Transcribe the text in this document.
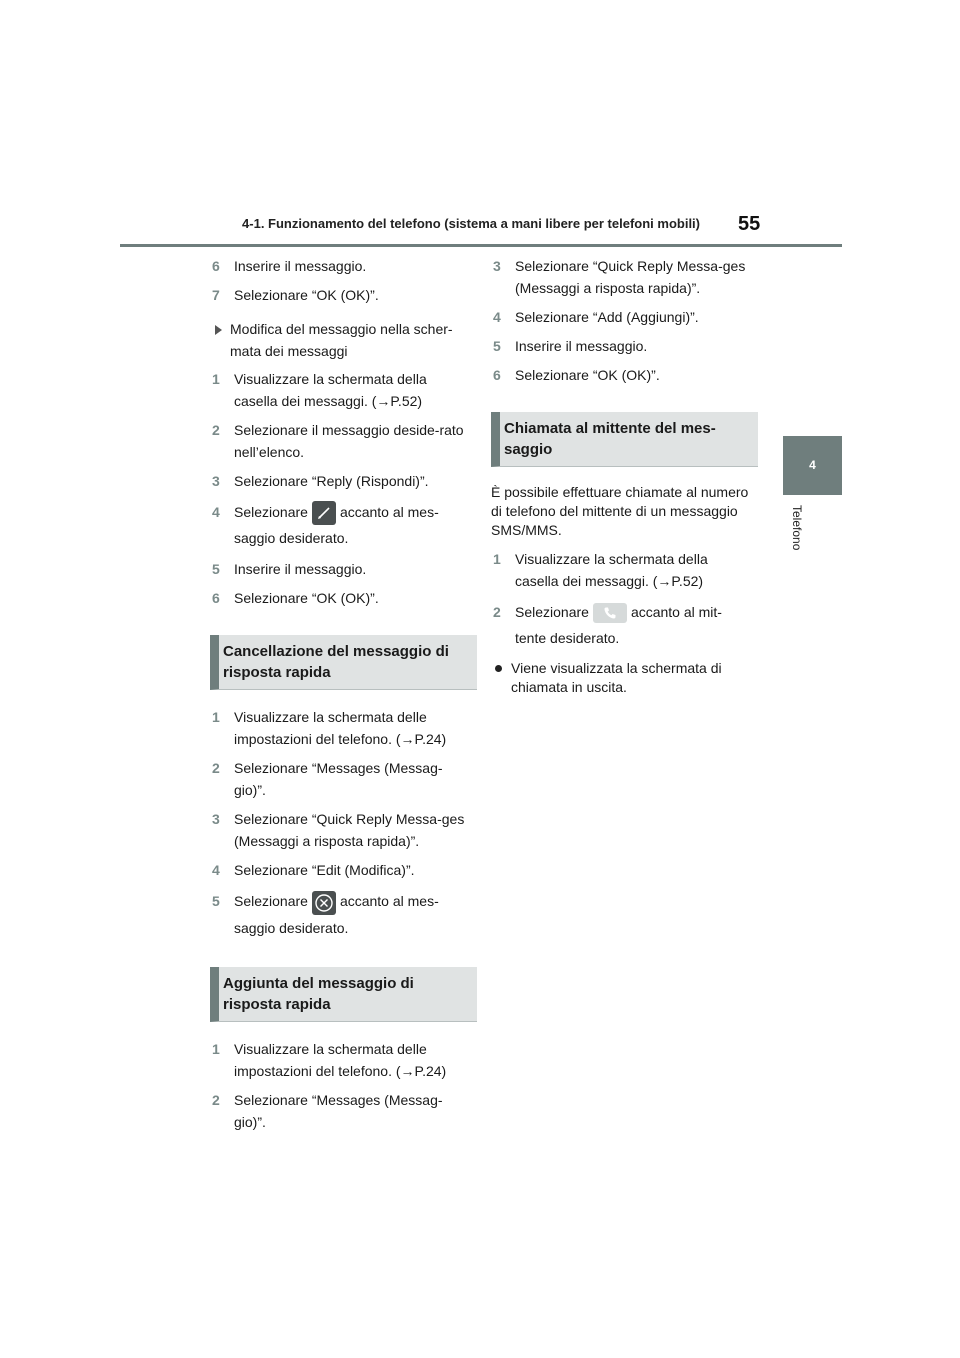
4-1. Funzionamento del telefono (sistema a mani libere per telefoni mobili) 55
4
Telefono
6 Inserire il messaggio.
7 Selezionare “OK (OK)”.
Modifica del messaggio nella scher-mata dei messaggi
1 Visualizzare la schermata della casella dei messaggi. (→P.52)
2 Selezionare il messaggio deside-rato nell’elenco.
3 Selezionare “Reply (Rispondi)”.
4 Selezionare accanto al mes-saggio desiderato.
5 Inserire il messaggio.
6 Selezionare “OK (OK)”.
Cancellazione del messaggio di risposta rapida
1 Visualizzare la schermata delle impostazioni del telefono. (→P.24)
2 Selezionare “Messages (Messag-gio)”.
3 Selezionare “Quick Reply Messa-ges (Messaggi a risposta rapida)”.
4 Selezionare “Edit (Modifica)”.
5 Selezionare accanto al mes-saggio desiderato.
Aggiunta del messaggio di risposta rapida
1 Visualizzare la schermata delle impostazioni del telefono. (→P.24)
2 Selezionare “Messages (Messag-gio)”.
3 Selezionare “Quick Reply Messa-ges (Messaggi a risposta rapida)”.
4 Selezionare “Add (Aggiungi)”.
5 Inserire il messaggio.
6 Selezionare “OK (OK)”.
Chiamata al mittente del mes-saggio
È possibile effettuare chiamate al numero di telefono del mittente di un messaggio SMS/MMS.
1 Visualizzare la schermata della casella dei messaggi. (→P.52)
2 Selezionare	accanto al mit-tente desiderato.
Viene visualizzata la schermata di chiamata in uscita.
